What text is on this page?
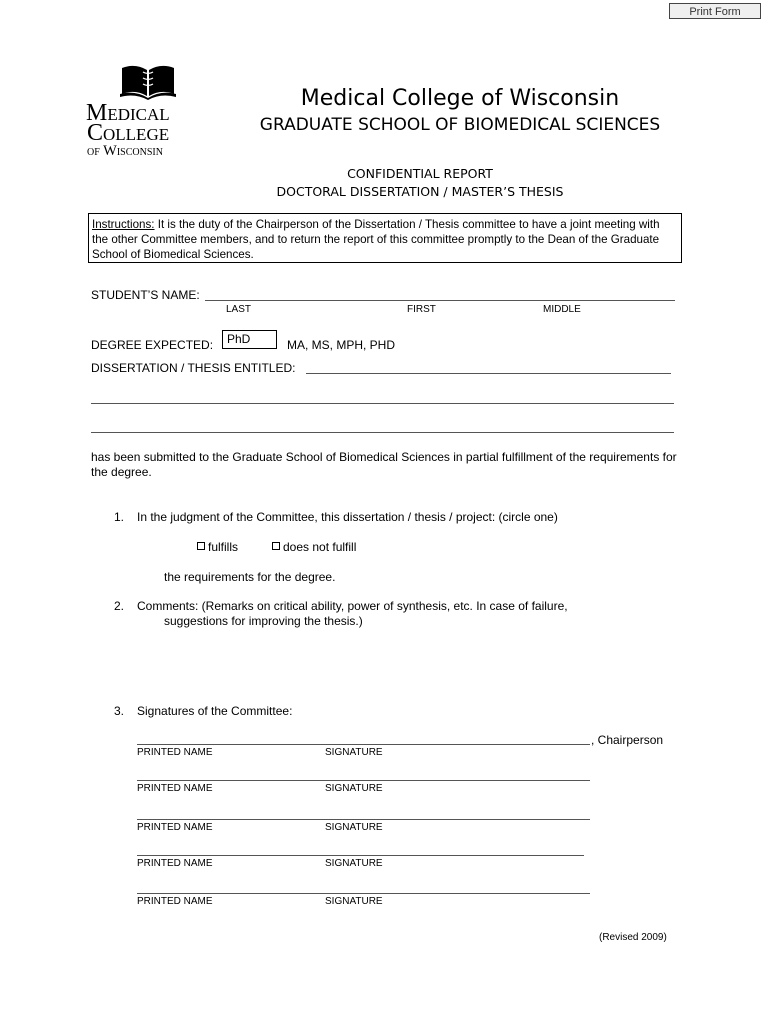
Print Form
Medical
College
of Wisconsin
Medical College of Wisconsin
GRADUATE SCHOOL OF BIOMEDICAL SCIENCES
CONFIDENTIAL REPORT
DOCTORAL DISSERTATION / MASTER’S THESIS
Instructions: It is the duty of the Chairperson of the Dissertation / Thesis committee to have a joint meeting with the other Committee members, and to return the report of this committee promptly to the Dean of the Graduate School of Biomedical Sciences.
STUDENT’S NAME:
LAST	FIRST	MIDDLE
DEGREE EXPECTED:	PhD	MA, MS, MPH, PHD
DISSERTATION / THESIS ENTITLED:
has been submitted to the Graduate School of Biomedical Sciences in partial fulfillment of the requirements for the degree.
1. In the judgment of the Committee, this dissertation / thesis / project: (circle one)
fulfills	does not fulfill
the requirements for the degree.
2. Comments: (Remarks on critical ability, power of synthesis, etc. In case of failure,
suggestions for improving the thesis.)
3. Signatures of the Committee:
, Chairperson
PRINTED NAME	SIGNATURE
PRINTED NAME	SIGNATURE
PRINTED NAME	SIGNATURE
PRINTED NAME	SIGNATURE
PRINTED NAME	SIGNATURE
(Revised 2009)
